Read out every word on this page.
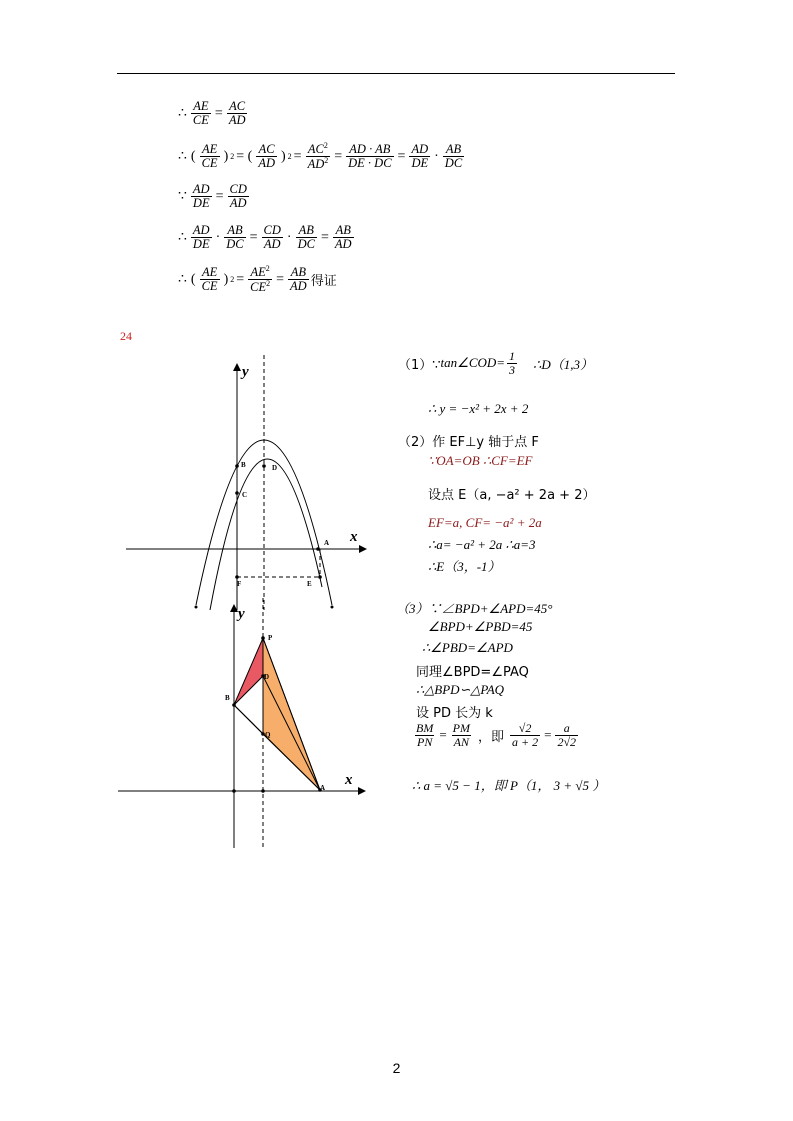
∴ $\frac{AE}{CE} = \frac{AC}{AD}$
∴ ( $\frac{AE}{CE}$ ) 2 = ( $\frac{AC}{AD}$ ) $2 = \frac{AC^2}{AD^2} = \frac{AD \cdot AB}{DE \cdot DC} = \frac{AD}{DE} \cdot \frac{AB}{DC}$
∵ $\frac{AD}{DE} = \frac{CD}{AD}$
∴ $\frac{AD}{DE} \cdot \frac{AB}{DC} = \frac{CD}{AD} \cdot \frac{AB}{DC} = \frac{AB}{AD}$
∴ ( $\frac{AE}{CE}$ ) $2 = \frac{AE^2}{CE^2} = \frac{AB}{AD}$ 得证
24
y
x
B	D
C
A
F	E
y
x
P
D
B
Q
A
（1）∵ tan∠COD= $\frac{1}{3}$ ∴D（1,3）
∴ y = −x² + 2x + 2
（2）作 EF⊥y 轴于点 F
∵OA=OB ∴CF=EF
设点 E（a, −a² + 2a + 2）
EF=a, CF= −a² + 2a
∴a= −a² + 2a ∴a=3
∴E（3，-1）
（3）∵∠BPD+∠APD=45°
∠BPD+∠PBD=45
∴∠PBD=∠APD
同理∠BPD=∠PAQ
∴△BPD∽△PAQ
设 PD 长为 k
$\frac{BM}{PN} = \frac{PM}{AN}$ ，即 $\frac{√2}{a + 2} = \frac{a}{2√2}$
∴ a = √5 − 1，即 P（1， 3 + √5 ）
2
